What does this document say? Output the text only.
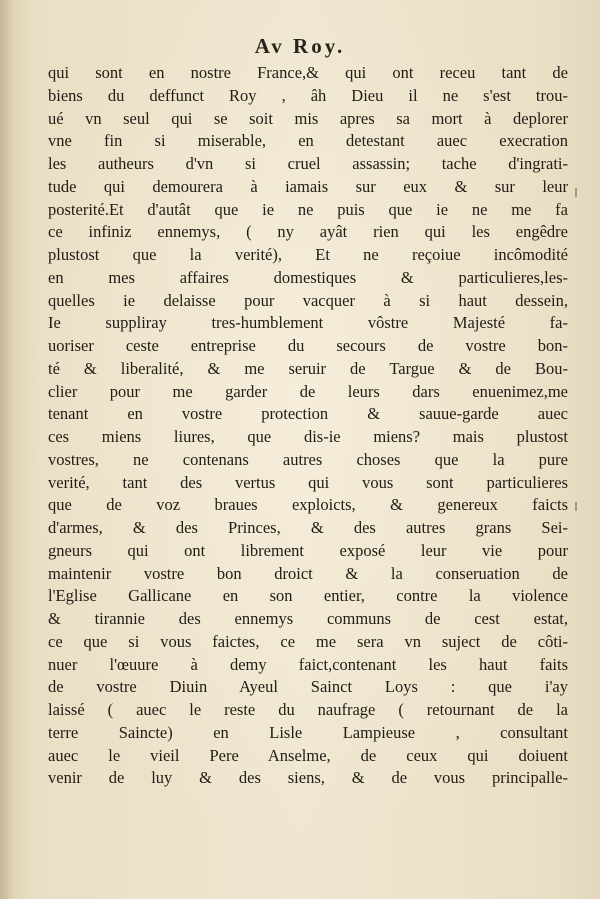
Av Roy.
qui sont en nostre France,& qui ont receu tant de
biens du deffunct Roy , âh Dieu il ne s'est trou-
ué vn seul qui se soit mis apres sa mort à deplorer
vne fin si miserable, en detestant auec execration
les autheurs d'vn si cruel assassin; tache d'ingrati-
tude qui demourera à iamais sur eux & sur leur
posterité.Et d'autât que ie ne puis que ie ne me fa
ce infiniz ennemys, ( ny ayât rien qui les engêdre
plustost que la verité), Et ne reçoiue incômodité
en mes affaires domestiques & particulieres,les-
quelles ie delaisse pour vacquer à si haut dessein,
Ie suppliray tres-humblement vôstre Majesté fa-
uoriser ceste entreprise du secours de vostre bon-
té & liberalité, & me seruir de Targue & de Bou-
clier pour me garder de leurs dars enuenimez,me
tenant en vostre protection & sauue-garde auec
ces miens liures, que dis-ie miens? mais plustost
vostres, ne contenans autres choses que la pure
verité, tant des vertus qui vous sont particulieres
que de voz braues exploicts, & genereux faicts
d'armes, & des Princes, & des autres grans Sei-
gneurs qui ont librement exposé leur vie pour
maintenir vostre bon droict & la conseruation de
l'Eglise Gallicane en son entier, contre la violence
& tirannie des ennemys communs de cest estat,
ce que si vous faictes, ce me sera vn suject de côti-
nuer l'œuure à demy faict,contenant les haut faits
de vostre Diuin Ayeul Sainct Loys : que i'ay
laissé ( auec le reste du naufrage ( retournant de la
terre Saincte) en Lisle Lampieuse , consultant
auec le vieil Pere Anselme, de ceux qui doiuent
venir de luy & des siens, & de vous principalle-
